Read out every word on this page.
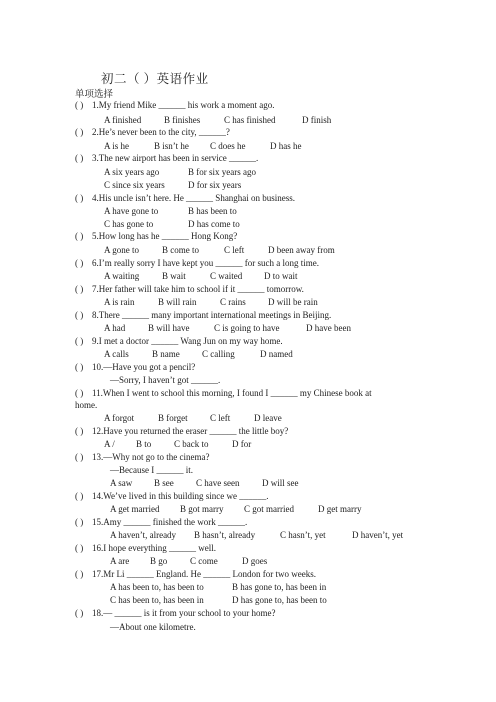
初二（ ）英语作业
单项选择
( ) 1.My friend Mike ______ his work a moment ago.
A finished	B finishes	C has finished	D finish
( ) 2.He’s never been to the city, ______?
A is he	B isn’t he C does he	D has he
( ) 3.The new airport has been in service ______.
A six years ago	B for six years ago
C since six years	D for six years
( ) 4.His uncle isn’t here. He ______ Shanghai on business.
A have gone to	B has been to
C has gone to	D has come to
( ) 5.How long has he ______ Hong Kong?
A gone to	B come to	C left	D been away from
( ) 6.I’m really sorry I have kept you ______ for such a long time.
A waiting	B wait	C waited D to wait
( ) 7.Her father will take him to school if it ______ tomorrow.
A is rain	B will rain	C rains D will be rain
( ) 8.There ______ many important international meetings in Beijing.
A had	B will have	C is going to have	D have been
( ) 9.I met a doctor ______ Wang Jun on my way home.
A calls	B name C calling	D named
( ) 10.—Have you got a pencil?
—Sorry, I haven’t got ______.
( ) 11.When I went to school this morning, I found I ______ my Chinese book at
home.
A forgot	B forget C left	D leave
( ) 12.Have you returned the eraser ______ the little boy?
A / B to	C back to	D for
( ) 13.—Why not go to the cinema?
—Because I ______ it.
A saw B see C have seen	D will see
( ) 14.We’ve lived in this building since we ______.
A get married B got marry C got married	D get marry
( ) 15.Amy ______ finished the work ______.
A haven’t, already B hasn’t, already	C hasn’t, yet	D haven’t, yet
( ) 16.I hope everything ______ well.
A are B go	C come	D goes
( ) 17.Mr Li ______ England. He ______ London for two weeks.
A has been to, has been to	B has gone to, has been in
C has been to, has been in	D has gone to, has been to
( ) 18.— ______ is it from your school to your home?
—About one kilometre.
